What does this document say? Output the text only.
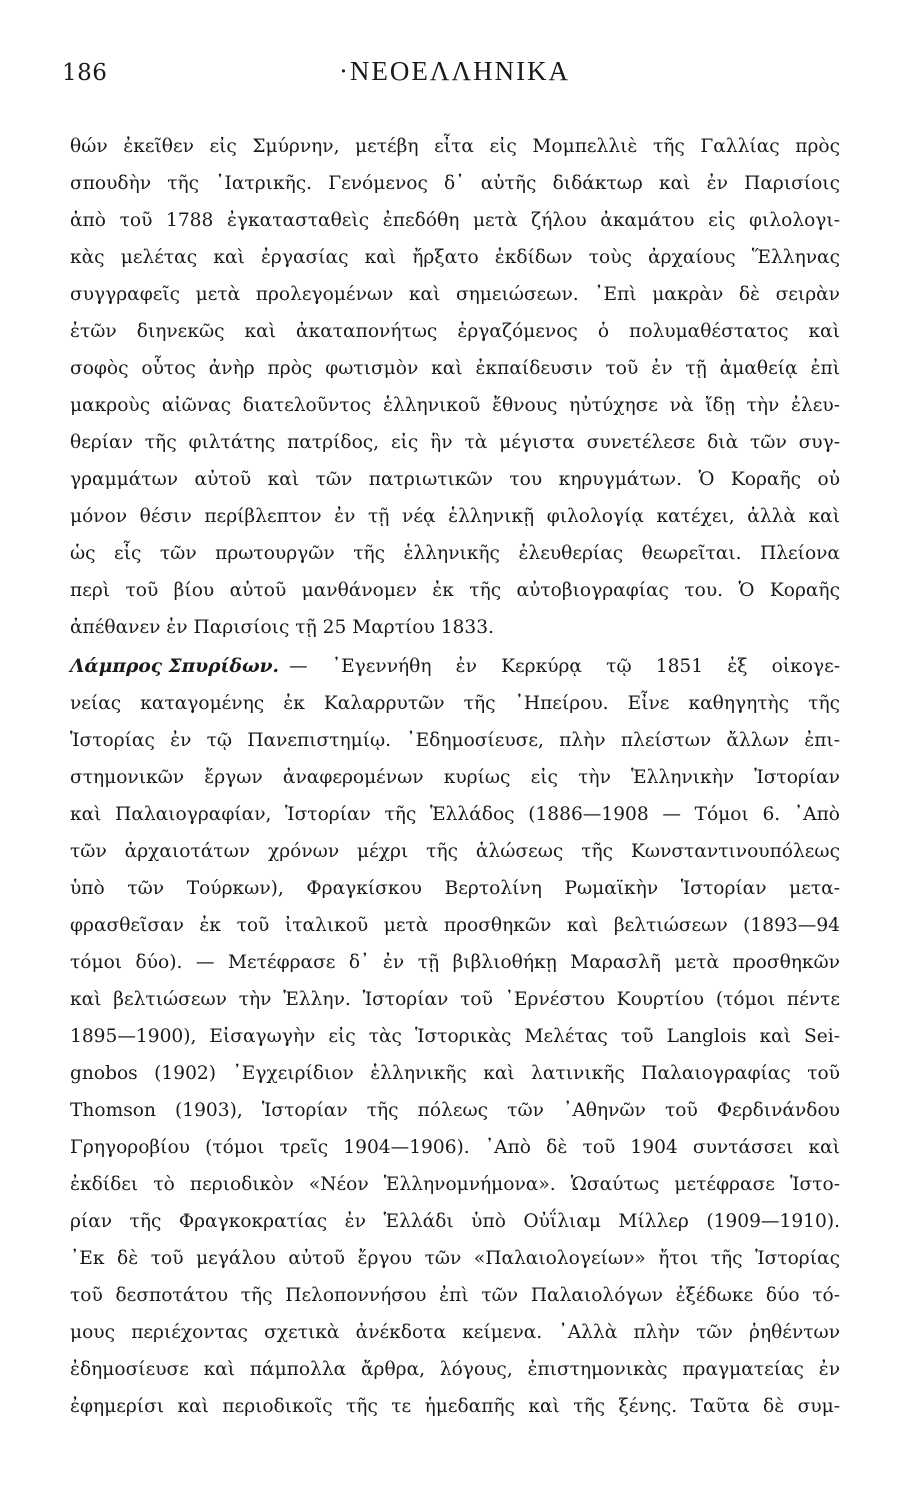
186	·ΝΕΟΕΛΛΗΝΙΚΑ
θών ἐκεῖθεν εἰς Σμύρνην, μετέβη εἶτα εἰς Μομπελλιὲ τῆς Γαλλίας πρὸς
σπουδὴν τῆς ᾽Ιατρικῆς. Γενόμενος δ᾽ αὐτῆς διδάκτωρ καὶ ἐν Παρισίοις
ἀπὸ τοῦ 1788 ἐγκατασταθεὶς ἐπεδόθη μετὰ ζήλου ἀκαμάτου εἰς φιλολογι-
κὰς μελέτας καὶ ἐργασίας καὶ ἤρξατο ἐκδίδων τοὺς ἀρχαίους Ἕλληνας
συγγραφεῖς μετὰ προλεγομένων καὶ σημειώσεων. ᾽Επὶ μακρὰν δὲ σειρὰν
ἐτῶν διηνεκῶς καὶ ἀκαταπονήτως ἐργαζόμενος ὁ πολυμαθέστατος καὶ
σοφὸς οὗτος ἀνὴρ πρὸς φωτισμὸν καὶ ἐκπαίδευσιν τοῦ ἐν τῇ ἀμαθείᾳ ἐπὶ
μακροὺς αἰῶνας διατελοῦντος ἑλληνικοῦ ἔθνους ηὐτύχησε νὰ ἴδῃ τὴν ἐλευ-
θερίαν τῆς φιλτάτης πατρίδος, εἰς ἣν τὰ μέγιστα συνετέλεσε διὰ τῶν συγ-
γραμμάτων αὐτοῦ καὶ τῶν πατριωτικῶν του κηρυγμάτων. Ὁ Κοραῆς οὐ
μόνον θέσιν περίβλεπτον ἐν τῇ νέᾳ ἑλληνικῇ φιλολογίᾳ κατέχει, ἀλλὰ καὶ
ὡς εἷς τῶν πρωτουργῶν τῆς ἑλληνικῆς ἐλευθερίας θεωρεῖται. Πλείονα
περὶ τοῦ βίου αὐτοῦ μανθάνομεν ἐκ τῆς αὐτοβιογραφίας του. Ὁ Κοραῆς
ἀπέθανεν ἐν Παρισίοις τῇ 25 Μαρτίου 1833.
Λάμπρος Σπυρίδων. — ᾽Εγεννήθη ἐν Κερκύρᾳ τῷ 1851 ἐξ οἰκογε-
νείας καταγομένης ἐκ Καλαρρυτῶν τῆς ᾽Ηπείρου. Εἶνε καθηγητὴς τῆς
Ἱστορίας ἐν τῷ Πανεπιστημίῳ. ᾽Εδημοσίευσε, πλὴν πλείστων ἄλλων ἐπι-
στημονικῶν ἔργων ἀναφερομένων κυρίως εἰς τὴν Ἑλληνικὴν Ἱστορίαν
καὶ Παλαιογραφίαν, Ἱστορίαν τῆς Ἑλλάδος (1886—1908 — Τόμοι 6. ᾽Απὸ
τῶν ἀρχαιοτάτων χρόνων μέχρι τῆς ἁλώσεως τῆς Κωνσταντινουπόλεως
ὑπὸ τῶν Τούρκων), Φραγκίσκου Βερτολίνη Ρωμαϊκὴν Ἱστορίαν μετα-
φρασθεῖσαν ἐκ τοῦ ἰταλικοῦ μετὰ προσθηκῶν καὶ βελτιώσεων (1893—94
τόμοι δύο). — Μετέφρασε δ᾽ ἐν τῇ βιβλιοθήκῃ Μαρασλῆ μετὰ προσθηκῶν
καὶ βελτιώσεων τὴν Ἑλλην. Ἱστορίαν τοῦ ᾽Ερνέστου Κουρτίου (τόμοι πέντε
1895—1900), Εἰσαγωγὴν εἰς τὰς Ἱστορικὰς Μελέτας τοῦ Langlois καὶ Sei-
gnobos (1902) ᾽Εγχειρίδιον ἑλληνικῆς καὶ λατινικῆς Παλαιογραφίας τοῦ
Thomson (1903), Ἱστορίαν τῆς πόλεως τῶν ᾽Αθηνῶν τοῦ Φερδινάνδου
Γρηγοροβίου (τόμοι τρεῖς 1904—1906). ᾽Απὸ δὲ τοῦ 1904 συντάσσει καὶ
ἐκδίδει τὸ περιοδικὸν «Νέον Ἑλληνομνήμονα». Ὡσαύτως μετέφρασε Ἱστο-
ρίαν τῆς Φραγκοκρατίας ἐν Ἑλλάδι ὑπὸ Οὐΐλιαμ Μίλλερ (1909—1910).
᾽Εκ δὲ τοῦ μεγάλου αὐτοῦ ἔργου τῶν «Παλαιολογείων» ἤτοι τῆς Ἱστορίας
τοῦ δεσποτάτου τῆς Πελοποννήσου ἐπὶ τῶν Παλαιολόγων ἐξέδωκε δύο τό-
μους περιέχοντας σχετικὰ ἀνέκδοτα κείμενα. ᾽Αλλὰ πλὴν τῶν ῥηθέντων
ἐδημοσίευσε καὶ πάμπολλα ἄρθρα, λόγους, ἐπιστημονικὰς πραγματείας ἐν
ἐφημερίσι καὶ περιοδικοῖς τῆς τε ἡμεδαπῆς καὶ τῆς ξένης. Ταῦτα δὲ συμ-
